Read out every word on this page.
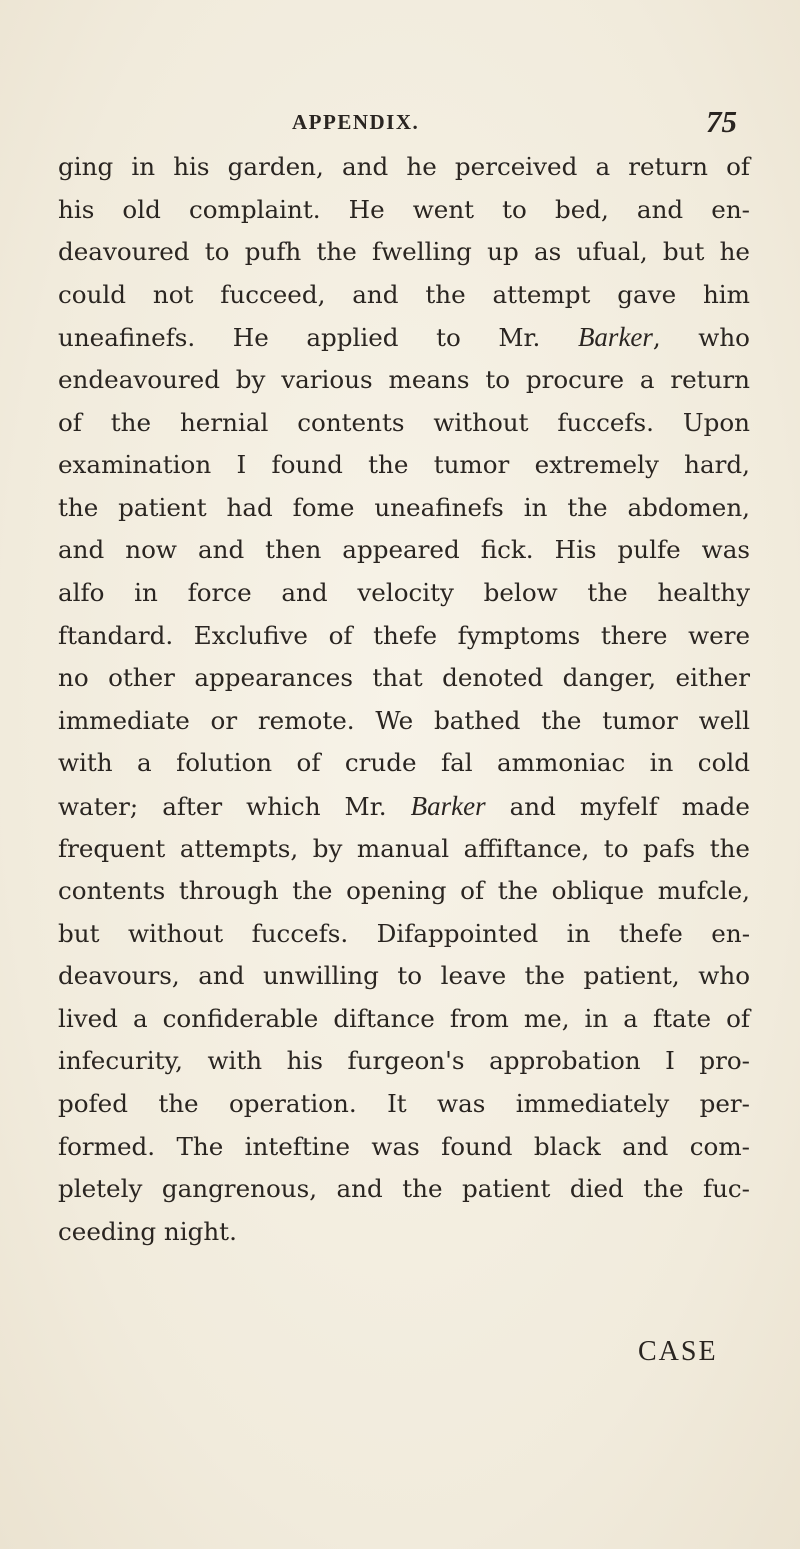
APPENDIX.	75
ging in his garden, and he perceived a return of
his old complaint. He went to bed, and en-
deavoured to pufh the fwelling up as ufual, but he
could not fucceed, and the attempt gave him
uneafinefs. He applied to Mr. Barker, who
endeavoured by various means to procure a return
of the hernial contents without fuccefs. Upon
examination I found the tumor extremely hard,
the patient had fome uneafinefs in the abdomen,
and now and then appeared fick. His pulfe was
alfo in force and velocity below the healthy
ftandard. Exclufive of thefe fymptoms there were
no other appearances that denoted danger, either
immediate or remote. We bathed the tumor well
with a folution of crude fal ammoniac in cold
water; after which Mr. Barker and myfelf made
frequent attempts, by manual affiftance, to pafs the
contents through the opening of the oblique mufcle,
but without fuccefs. Difappointed in thefe en-
deavours, and unwilling to leave the patient, who
lived a confiderable diftance from me, in a ftate of
infecurity, with his furgeon's approbation I pro-
pofed the operation. It was immediately per-
formed. The inteftine was found black and com-
pletely gangrenous, and the patient died the fuc-
ceeding night.
CASE
